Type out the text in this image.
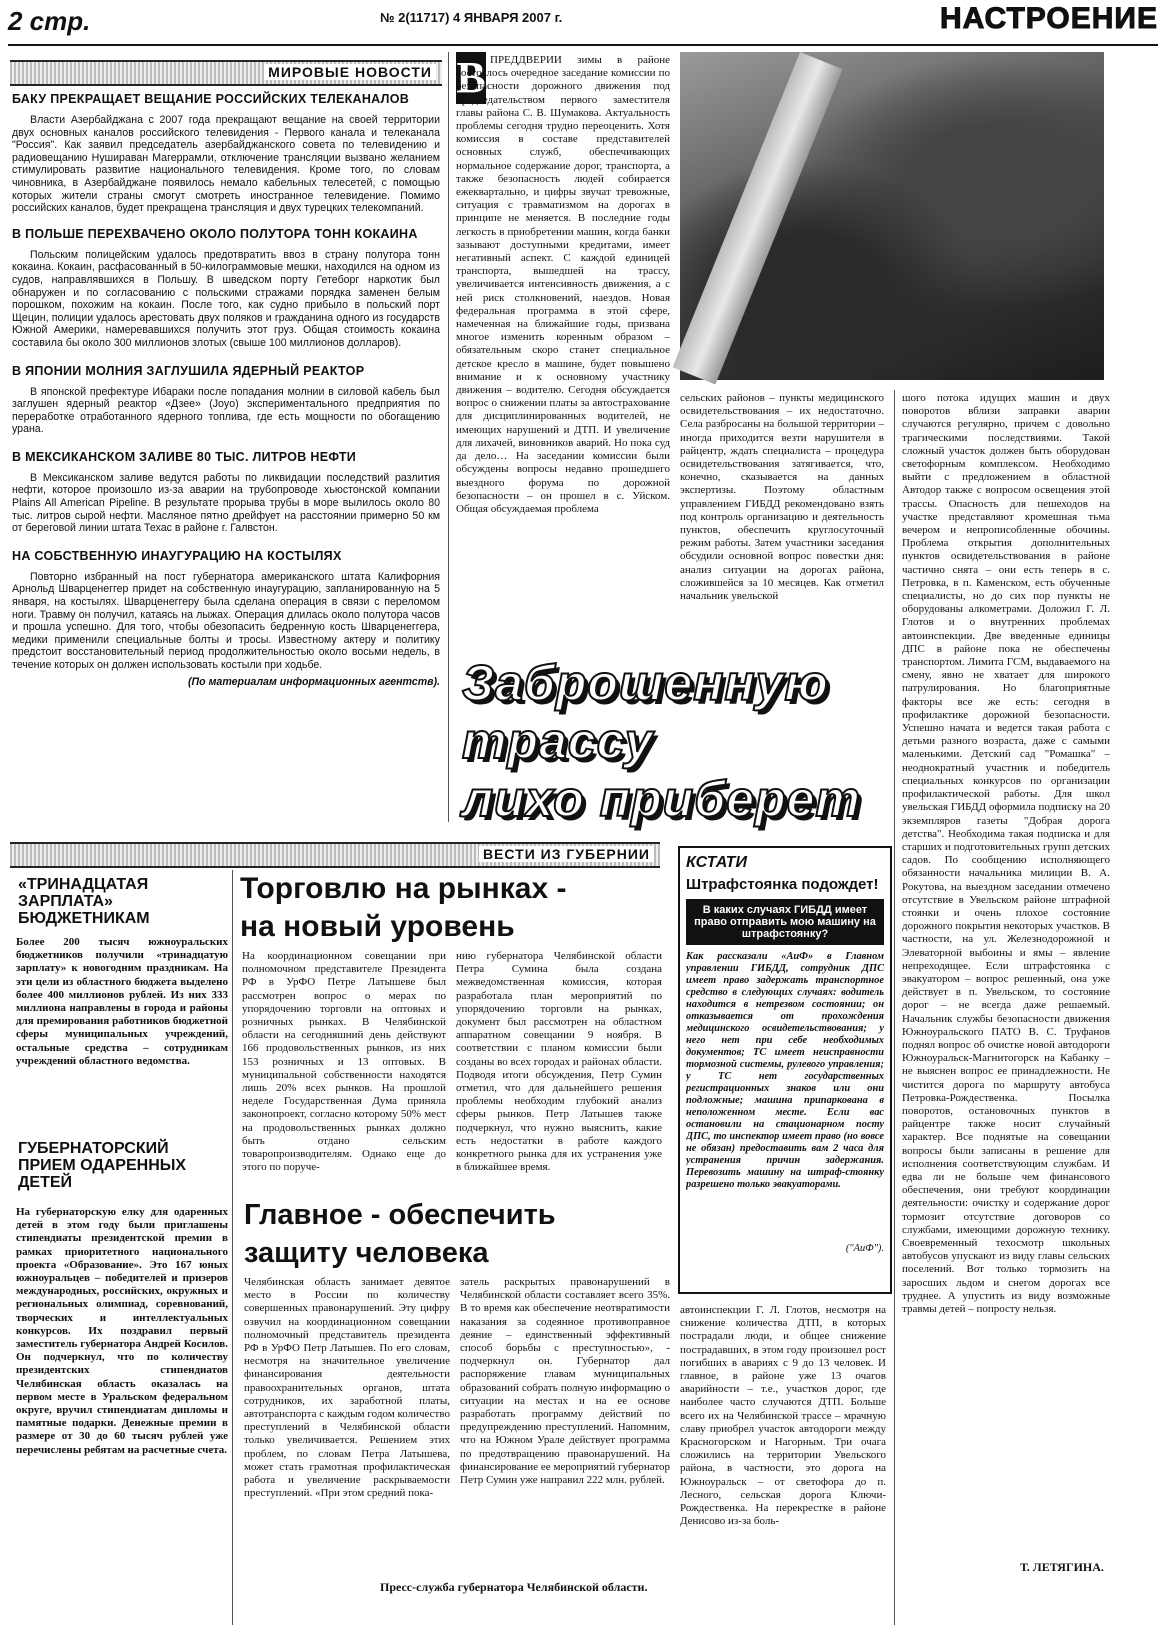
2 стр.	№ 2(11717) 4 ЯНВАРЯ 2007 г.	НАСТРОЕНИЕ
МИРОВЫЕ НОВОСТИ
БАКУ ПРЕКРАЩАЕТ ВЕЩАНИЕ РОССИЙСКИХ ТЕЛЕКАНАЛОВ

Власти Азербайджана с 2007 года прекращают вещание на своей территории двух основных каналов российского телевидения - Первого канала и телеканала "Россия". Как заявил председатель азербайджанского совета по телевидению и радиовещанию Нушираван Магеррамли, отключение трансляции вызвано желанием стимулировать развитие национального телевидения. Кроме того, по словам чиновника, в Азербайджане появилось немало кабельных телесетей, с помощью которых жители страны смогут смотреть иностранное телевидение. Помимо российских каналов, будет прекращена трансляция и двух турецких телекомпаний.

В ПОЛЬШЕ ПЕРЕХВАЧЕНО ОКОЛО ПОЛУТОРА ТОНН КОКАИНА

Польским полицейским удалось предотвратить ввоз в страну полутора тонн кокаина. Кокаин, расфасованный в 50-килограммовые мешки, находился на одном из судов, направлявшихся в Польшу. В шведском порту Гетеборг наркотик был обнаружен и по согласованию с польскими стражами порядка заменен белым порошком, похожим на кокаин. После того, как судно прибыло в польский порт Щецин, полиции удалось арестовать двух поляков и гражданина одного из государств Южной Америки, намеревавшихся получить этот груз. Общая стоимость кокаина составила бы около 300 миллионов злотых (свыше 100 миллионов долларов).

В ЯПОНИИ МОЛНИЯ ЗАГЛУШИЛА ЯДЕРНЫЙ РЕАКТОР

В японской префектуре Ибараки после попадания молнии в силовой кабель был заглушен ядерный реактор «Дзее» (Joyo) экспериментального предприятия по переработке отработанного ядерного топлива, где есть мощности по обогащению урана.

В МЕКСИКАНСКОМ ЗАЛИВЕ 80 ТЫС. ЛИТРОВ НЕФТИ

В Мексиканском заливе ведутся работы по ликвидации последствий разлития нефти, которое произошло из-за аварии на трубопроводе хьюстонской компании Plains All American Pipeline. В результате прорыва трубы в море вылилось около 80 тыс. литров сырой нефти. Масляное пятно дрейфует на расстоянии примерно 50 км от береговой линии штата Техас в районе г. Галвстон.

НА СОБСТВЕННУЮ ИНАУГУРАЦИЮ НА КОСТЫЛЯХ

Повторно избранный на пост губернатора американского штата Калифорния Арнольд Шварценеггер придет на собственную инаугурацию, запланированную на 5 января, на костылях. Шварценеггеру была сделана операция в связи с переломом ноги. Травму он получил, катаясь на лыжах. Операция длилась около полутора часов и прошла успешно. Для того, чтобы обезопасить бедренную кость Шварценеггера, медики применили специальные болты и тросы. Известному актеру и политику предстоит восстановительный период продолжительностью около восьми недель, в течение которых он должен использовать костыли при ходьбе.

(По материалам информационных агентств).
В ПРЕДДВЕРИИ зимы в районе состоялось очередное заседание комиссии по безопасности дорожного движения под председательством первого заместителя главы района С. В. Шумакова. Актуальность проблемы сегодня трудно переоценить. Хотя комиссия в составе представителей основных служб, обеспечивающих нормальное содержание дорог, транспорта, а также безопасность людей собирается ежеквартально, и цифры звучат тревожные, ситуация с травматизмом на дорогах в принципе не меняется. В последние годы легкость в приобретении машин, когда банки зазывают доступными кредитами, имеет негативный аспект. С каждой единицей транспорта, вышедшей на трассу, увеличивается интенсивность движения, а с ней риск столкновений, наездов. Новая федеральная программа в этой сфере, намеченная на ближайшие годы, призвана многое изменить коренным образом – обязательным скоро станет специальное детское кресло в машине, будет повышено внимание и к основному участнику движения – водителю. Сегодня обсуждается вопрос о снижении платы за автострахование для дисциплинированных водителей, не имеющих нарушений и ДТП. И увеличение для лихачей, виновников аварий. Но пока суд да дело… На заседании комиссии были обсуждены вопросы недавно прошедшего выездного форума по дорожной безопасности – он прошел в с. Уйском. Общая обсуждаемая проблема
сельских районов – пункты медицинского освидетельствования – их недостаточно. Села разбросаны на большой территории – иногда приходится везти нарушителя в райцентр, ждать специалиста – процедура освидетельствования затягивается, что, конечно, сказывается на данных экспертизы. Поэтому областным управлением ГИБДД рекомендовано взять под контроль организацию и деятельность пунктов, обеспечить круглосуточный режим работы. Затем участники заседания обсудили основной вопрос повестки дня: анализ ситуации на дорогах района, сложившейся за 10 месяцев. Как отметил начальник увельской
шого потока идущих машин и двух поворотов вблизи заправки аварии случаются регулярно, причем с довольно трагическими последствиями. Такой сложный участок должен быть оборудован светофорным комплексом. Необходимо выйти с предложением в областной Автодор также с вопросом освещения этой трассы. Опасность для пешеходов на участке представляют кромешная тьма вечером и непрописобленные обочины. Проблема открытия дополнительных пунктов освидетельствования в районе частично снята – они есть теперь в с. Петровка, в п. Каменском, есть обученные специалисты, но до сих пор пункты не оборудованы алкометрами. Доложил Г. Л. Глотов и о внутренних проблемах автоинспекции. Две введенные единицы ДПС в районе пока не обеспечены транспортом. Лимита ГСМ, выдаваемого на смену, явно не хватает для широкого патрулирования. Но благоприятные факторы все же есть: сегодня в профилактике дорожной безопасности. Успешно начата и ведется такая работа с детьми разного возраста, даже с самыми маленькими. Детский сад "Ромашка" – неоднократный участник и победитель специальных конкурсов по организации профилактической работы. Для школ увельская ГИБДД оформила подписку на 20 экземпляров газеты "Добрая дорога детства". Необходима такая подписка и для старших и подготовительных групп детских садов. По сообщению исполняющего обязанности начальника милиции В. А. Рокутова, на выездном заседании отмечено отсутствие в Увельском районе штрафной стоянки и очень плохое состояние дорожного покрытия некоторых участков. В частности, на ул. Железнодорожной и Элеваторной выбоины и ямы – явление непреходящее. Если штрафстоянка с эвакуатором – вопрос решенный, она уже действует в п. Увельском, то состояние дорог – не всегда даже решаемый. Начальник службы безопасности движения Южноуральского ПАТО В. С. Труфанов поднял вопрос об очистке новой автодороги Южноуральск-Магнитогорск на Кабанку – не выяснен вопрос ее принадлежности. Не чистится дорога по маршруту автобуса Петровка-Рождественка. Посылка поворотов, остановочных пунктов в райцентре также носит случайный характер. Все поднятые на совещании вопросы были записаны в решение для исполнения соответствующим службам. И едва ли не больше чем финансового обеспечения, они требуют координации деятельности: очистку и содержание дорог тормозит отсутствие договоров со службами, имеющими дорожную технику. Своевременный техосмотр школьных автобусов упускают из виду главы сельских поселений. Вот только тормозить на заросших льдом и снегом дорогах все труднее. А упустить из виду возможные травмы детей – попросту нельзя.
Т. ЛЕТЯГИНА.
Заброшенную
трассу
лихо приберет
ВЕСТИ ИЗ ГУБЕРНИИ
«ТРИНАДЦАТАЯ ЗАРПЛАТА» БЮДЖЕТНИКАМ
Более 200 тысяч южноуральских бюджетников получили «тринадцатую зарплату» к новогодним праздникам. На эти цели из областного бюджета выделено более 400 миллионов рублей. Из них 333 миллиона направлены в города и районы для премирования работников бюджетной сферы муниципальных учреждений, остальные средства – сотрудникам учреждений областного ведомства.
ГУБЕРНАТОРСКИЙ ПРИЕМ ОДАРЕННЫХ ДЕТЕЙ
На губернаторскую елку для одаренных детей в этом году были приглашены стипендиаты президентской премии в рамках приоритетного национального проекта «Образование». Это 167 юных южноуральцев – победителей и призеров международных, российских, окружных и региональных олимпиад, соревнований, творческих и интеллектуальных конкурсов. Их поздравил первый заместитель губернатора Андрей Косилов. Он подчеркнул, что по количеству президентских стипендиатов Челябинская область оказалась на первом месте в Уральском федеральном округе, вручил стипендиатам дипломы и памятные подарки. Денежные премии в размере от 30 до 60 тысяч рублей уже перечислены ребятам на расчетные счета.
Торговлю на рынках -
на новый уровень
На координационном совещании при полномочном представителе Президента РФ в УрФО Петре Латышеве был рассмотрен вопрос о мерах по упорядочению торговли на оптовых и розничных рынках. В Челябинской области на сегодняшний день действуют 166 продовольственных рынков, из них 153 розничных и 13 оптовых. В муниципальной собственности находятся лишь 20% всех рынков. На прошлой неделе Государственная Дума приняла законопроект, согласно которому 50% мест на продовольственных рынках должно быть отдано сельским товаропроизводителям. Однако еще до этого по поруче-
нию губернатора Челябинской области Петра Сумина была создана межведомственная комиссия, которая разработала план мероприятий по упорядочению торговли на рынках, документ был рассмотрен на областном аппаратном совещании 9 ноября. В соответствии с планом комиссии были созданы во всех городах и районах области. Подводя итоги обсуждения, Петр Сумин отметил, что для дальнейшего решения проблемы необходим глубокий анализ сферы рынков. Петр Латышев также подчеркнул, что нужно выяснить, какие есть недостатки в работе каждого конкретного рынка для их устранения уже в ближайшее время.
Главное - обеспечить
защиту человека
Челябинская область занимает девятое место в России по количеству совершенных правонарушений. Эту цифру озвучил на координационном совещании полномочный представитель президента РФ в УрФО Петр Латышев. По его словам, несмотря на значительное увеличение финансирования деятельности правоохранительных органов, штата сотрудников, их заработной платы, автотранспорта с каждым годом количество преступлений в Челябинской области только увеличивается. Решением этих проблем, по словам Петра Латышева, может стать грамотная профилактическая работа и увеличение раскрываемости преступлений. «При этом средний пока-
затель раскрытых правонарушений в Челябинской области составляет всего 35%. В то время как обеспечение неотвратимости наказания за содеянное противоправное деяние – единственный эффективный способ борьбы с преступностью», - подчеркнул он. Губернатор дал распоряжение главам муниципальных образований собрать полную информацию о ситуации на местах и на ее основе разработать программу действий по предупреждению преступлений. Напомним, что на Южном Урале действует программа по предотвращению правонарушений. На финансирование ее мероприятий губернатор Петр Сумин уже направил 222 млн. рублей.
Пресс-служба губернатора Челябинской области.
КСТАТИ
Штрафстоянка подождет!
В каких случаях ГИБДД имеет право отправить мою машину на штрафстоянку?
Как рассказали «АиФ» в Главном управлении ГИБДД, сотрудник ДПС имеет право задержать транспортное средство в следующих случаях: водитель находится в нетрезвом состоянии; он отказывается от прохождения медицинского освидетельствования; у него нет при себе необходимых документов; ТС имеет неисправности тормозной системы, рулевого управления; у ТС нет государственных регистрационных знаков или они подложные; машина припаркована в неположенном месте. Если вас остановили на стационарном посту ДПС, то инспектор имеет право (но вовсе не обязан) предоставить вам 2 часа для устранения причин задержания. Перевозить машину на штраф-стоянку разрешено только эвакуаторами.
("АиФ").
автоинспекции Г. Л. Глотов, несмотря на снижение количества ДТП, в которых пострадали люди, и общее снижение пострадавших, в этом году произошел рост погибших в авариях с 9 до 13 человек. И главное, в районе уже 13 очагов аварийности – т.е., участков дорог, где наиболее часто случаются ДТП. Больше всего их на Челябинской трассе – мрачную славу приобрел участок автодороги между Красногорском и Нагорным. Три очага сложились на территории Увельского района, в частности, это дорога на Южноуральск – от светофора до п. Лесного, сельская дорога Ключи-Рождественка. На перекрестке в районе Денисово из-за боль-
